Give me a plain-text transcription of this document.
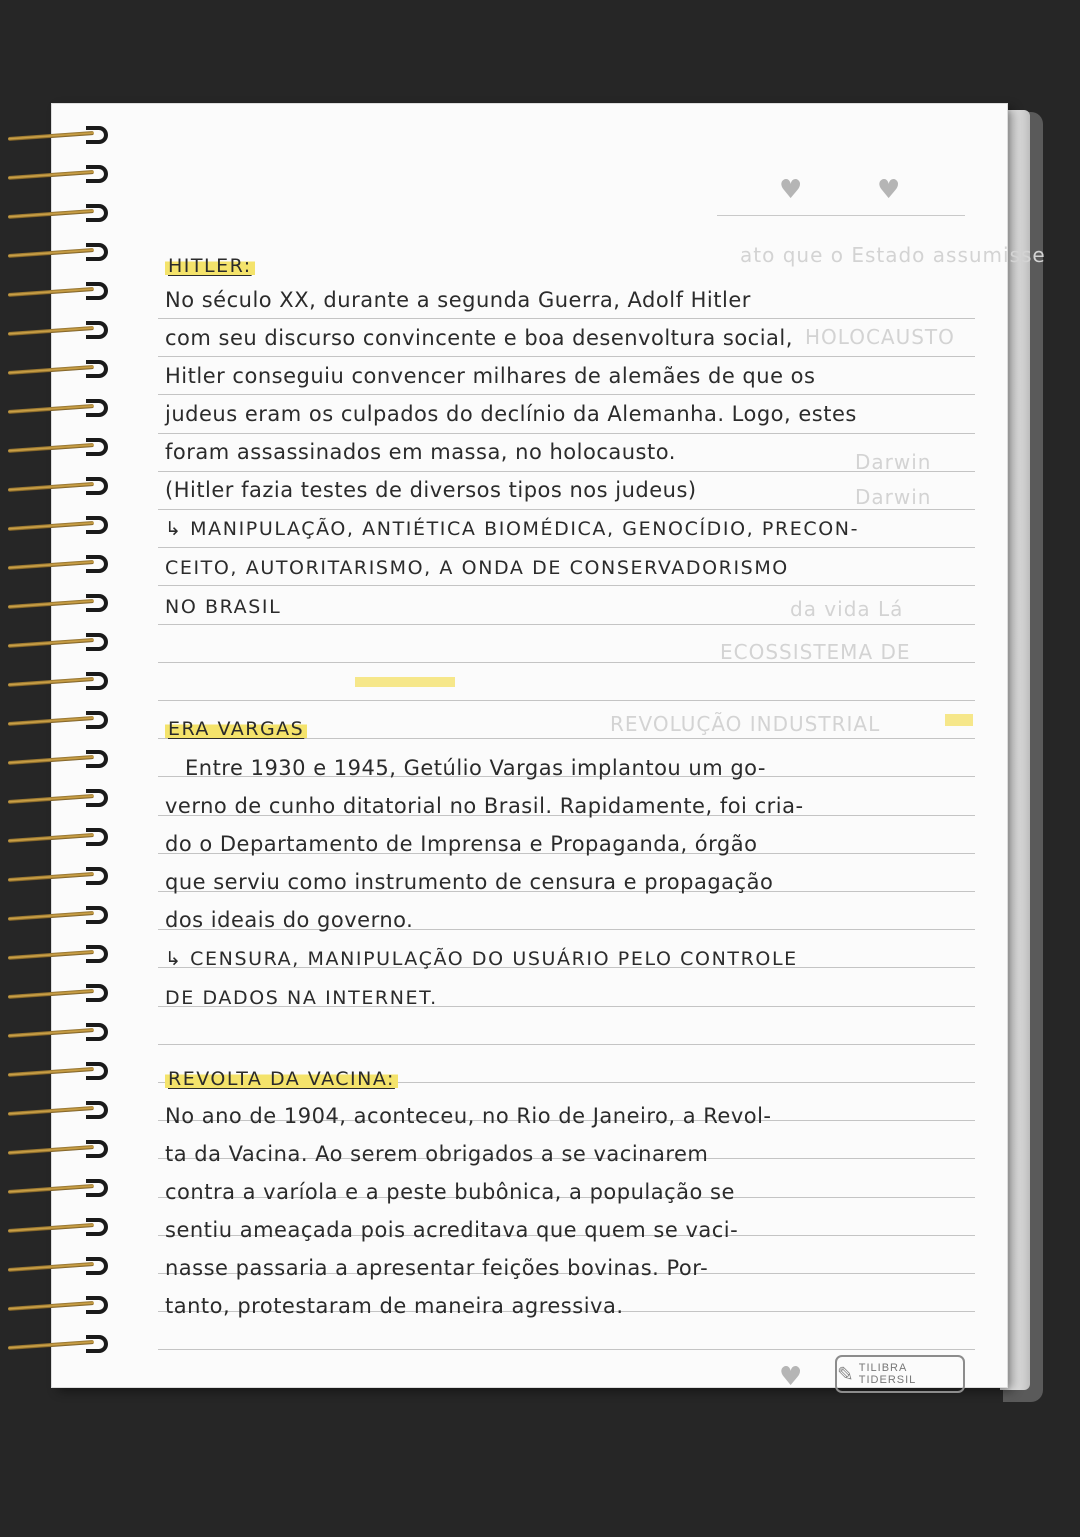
♥	♥
ato que o Estado assumisse
HOLOCAUSTO
Darwin
Darwin
da vida Lá
ECOSSISTEMA DE
REVOLUÇÃO INDUSTRIAL
HITLER:
No século XX, durante a segunda Guerra, Adolf Hitler
com seu discurso convincente e boa desenvoltura social,
Hitler conseguiu convencer milhares de alemães de que os
judeus eram os culpados do declínio da Alemanha. Logo, estes
foram assassinados em massa, no holocausto.
(Hitler fazia testes de diversos tipos nos judeus)
↳ MANIPULAÇÃO, ANTIÉTICA BIOMÉDICA, GENOCÍDIO, PRECON-
CEITO, AUTORITARISMO, A ONDA DE CONSERVADORISMO
NO BRASIL
ERA VARGAS
Entre 1930 e 1945, Getúlio Vargas implantou um go-
verno de cunho ditatorial no Brasil. Rapidamente, foi cria-
do o Departamento de Imprensa e Propaganda, órgão
que serviu como instrumento de censura e propagação
dos ideais do governo.
↳ CENSURA, MANIPULAÇÃO DO USUÁRIO PELO CONTROLE
DE DADOS NA INTERNET.
REVOLTA DA VACINA:
No ano de 1904, aconteceu, no Rio de Janeiro, a Revol-
ta da Vacina. Ao serem obrigados a se vacinarem
contra a varíola e a peste bubônica, a população se
sentiu ameaçada pois acreditava que quem se vaci-
nasse passaria a apresentar feições bovinas. Por-
tanto, protestaram de maneira agressiva.
♥ ✎ TILIBRA TIDERSIL
